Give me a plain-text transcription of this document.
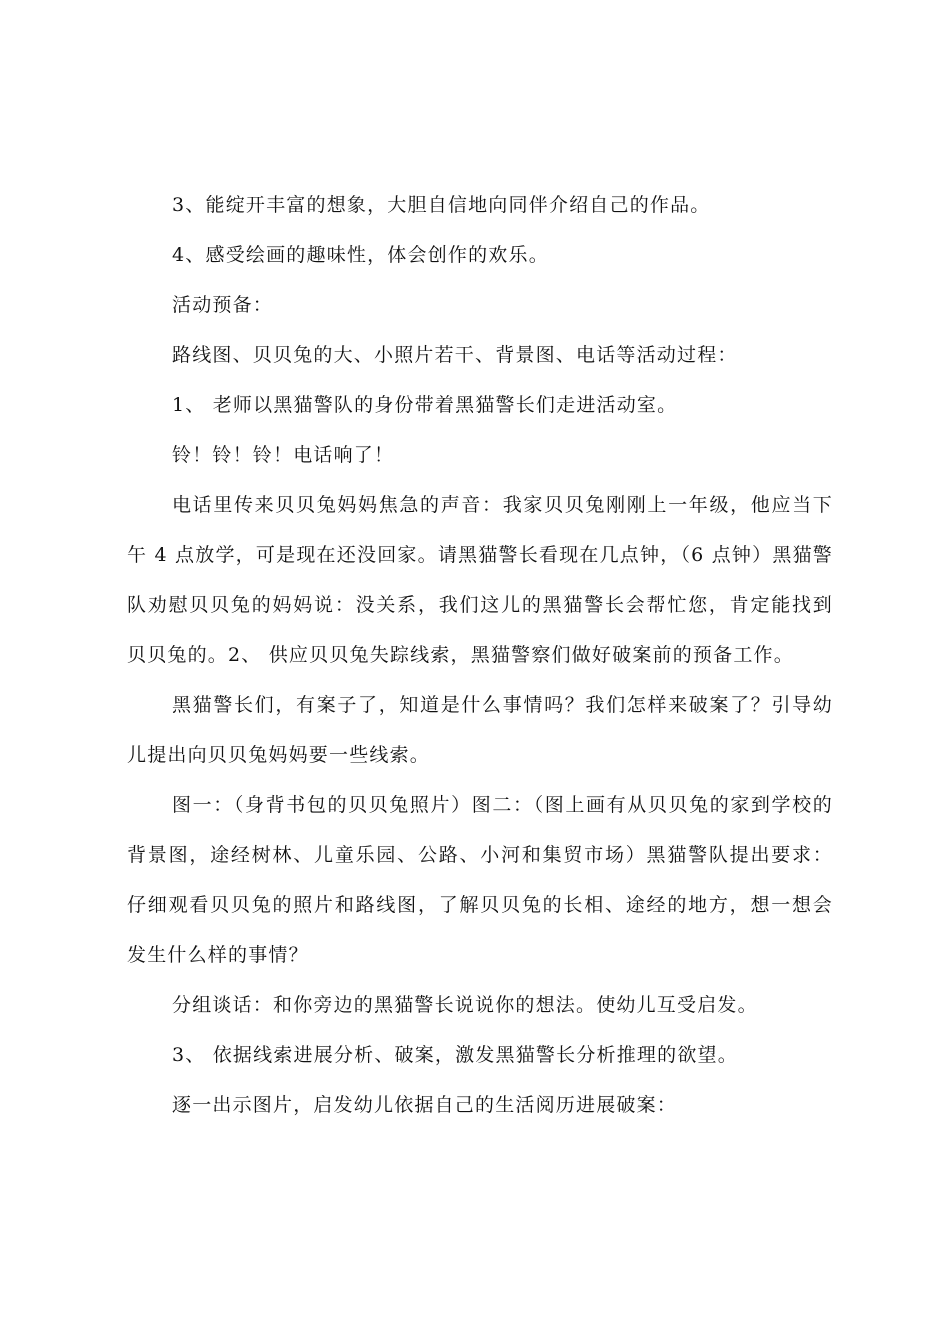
3、能绽开丰富的想象，大胆自信地向同伴介绍自己的作品。

4、感受绘画的趣味性，体会创作的欢乐。

活动预备：

路线图、贝贝兔的大、小照片若干、背景图、电话等活动过程：

1、 老师以黑猫警队的身份带着黑猫警长们走进活动室。

铃！铃！铃！电话响了！

电话里传来贝贝兔妈妈焦急的声音：我家贝贝兔刚刚上一年级，他应当下午 4 点放学，可是现在还没回家。请黑猫警长看现在几点钟，（6 点钟）黑猫警队劝慰贝贝兔的妈妈说：没关系，我们这儿的黑猫警长会帮忙您，肯定能找到贝贝兔的。2、 供应贝贝兔失踪线索，黑猫警察们做好破案前的预备工作。

黑猫警长们，有案子了，知道是什么事情吗？我们怎样来破案了？引导幼儿提出向贝贝兔妈妈要一些线索。

图一：（身背书包的贝贝兔照片）图二：（图上画有从贝贝兔的家到学校的背景图，途经树林、儿童乐园、公路、小河和集贸市场）黑猫警队提出要求：仔细观看贝贝兔的照片和路线图，了解贝贝兔的长相、途经的地方，想一想会发生什么样的事情？

分组谈话：和你旁边的黑猫警长说说你的想法。使幼儿互受启发。

3、 依据线索进展分析、破案，激发黑猫警长分析推理的欲望。

逐一出示图片，启发幼儿依据自己的生活阅历进展破案：
